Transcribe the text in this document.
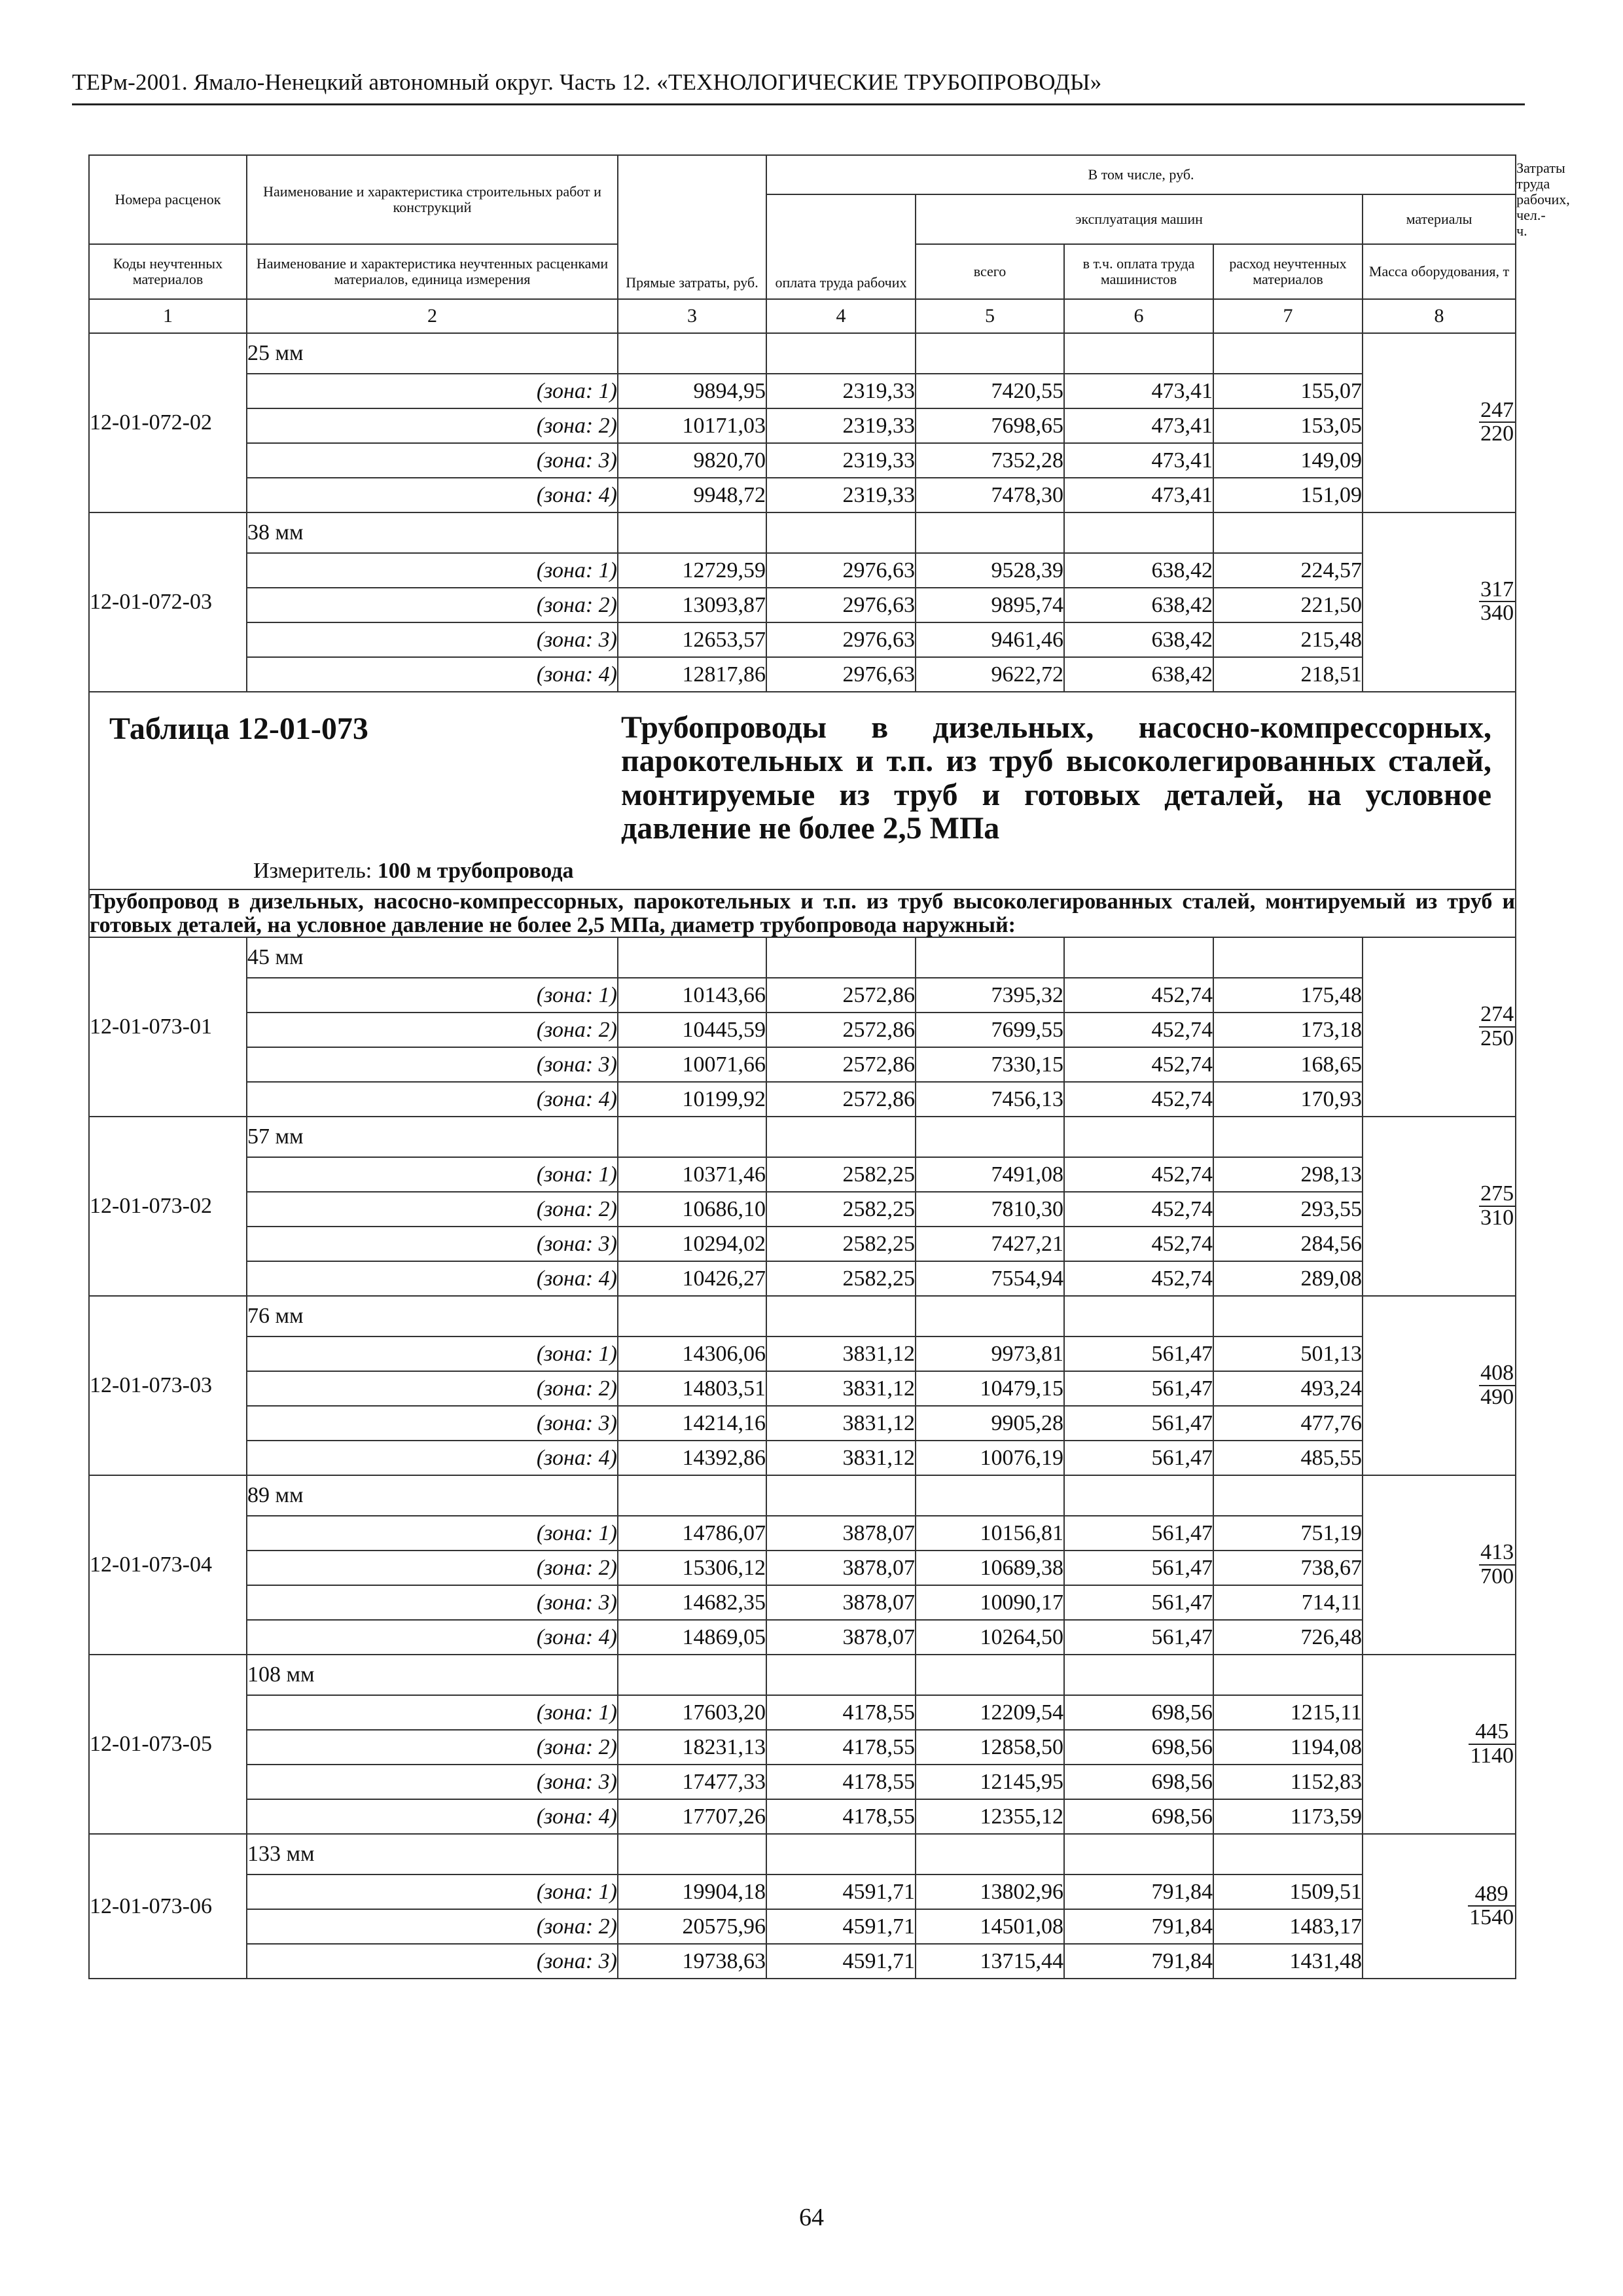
ТЕРм-2001. Ямало-Ненецкий автономный округ. Часть 12. «ТЕХНОЛОГИЧЕСКИЕ ТРУБОПРОВОДЫ»
Номера расценок	Наименование и характеристика строительных работ и конструкций	Прямые затраты, руб.	В том числе, руб.					Затраты труда рабочих, чел.-ч.
			оплата труда рабочих	эксплуатация машин			материалы	
Коды неучтенных материалов	Наименование и характеристика неучтенных расценками материалов, единица измерения			всего	в т.ч. оплата труда машинистов	расход неучтенных материалов	Масса оборудования, т	
1	2	3	4	5	6	7	8	
12-01-072-02	25 мм						$\frac{247}{220}$

	(зона: 1)	9894,95	2319,33	7420,55	473,41	155,07		
	(зона: 2)	10171,03	2319,33	7698,65	473,41	153,05		
	(зона: 3)	9820,70	2319,33	7352,28	473,41	149,09		
	(зона: 4)	9948,72	2319,33	7478,30	473,41	151,09		
12-01-072-03	38 мм						$\frac{317}{340}$

	(зона: 1)	12729,59	2976,63	9528,39	638,42	224,57		
	(зона: 2)	13093,87	2976,63	9895,74	638,42	221,50		
	(зона: 3)	12653,57	2976,63	9461,46	638,42	215,48		
	(зона: 4)	12817,86	2976,63	9622,72	638,42	218,51		

Таблица 12-01-073 Трубопроводы в дизельных, насосно-компрессорных, парокотельных и т.п. из труб высоколегированных сталей, монтируемые из труб и готовых деталей, на условное давление не более 2,5 МПа
Измеритель: 100 м трубопровода								

Трубопровод в дизельных, насосно-компрессорных, парокотельных и т.п. из труб высоколегированных сталей, монтируемый из труб и готовых деталей, на условное давление не более 2,5 МПа, диаметр трубопровода наружный:								
12-01-073-01	45 мм						$\frac{274}{250}$

	(зона: 1)	10143,66	2572,86	7395,32	452,74	175,48		
	(зона: 2)	10445,59	2572,86	7699,55	452,74	173,18		
	(зона: 3)	10071,66	2572,86	7330,15	452,74	168,65		
	(зона: 4)	10199,92	2572,86	7456,13	452,74	170,93		
12-01-073-02	57 мм						$\frac{275}{310}$

	(зона: 1)	10371,46	2582,25	7491,08	452,74	298,13		
	(зона: 2)	10686,10	2582,25	7810,30	452,74	293,55		
	(зона: 3)	10294,02	2582,25	7427,21	452,74	284,56		
	(зона: 4)	10426,27	2582,25	7554,94	452,74	289,08		
12-01-073-03	76 мм						$\frac{408}{490}$

	(зона: 1)	14306,06	3831,12	9973,81	561,47	501,13		
	(зона: 2)	14803,51	3831,12	10479,15	561,47	493,24		
	(зона: 3)	14214,16	3831,12	9905,28	561,47	477,76		
	(зона: 4)	14392,86	3831,12	10076,19	561,47	485,55		
12-01-073-04	89 мм						$\frac{413}{700}$

	(зона: 1)	14786,07	3878,07	10156,81	561,47	751,19		
	(зона: 2)	15306,12	3878,07	10689,38	561,47	738,67		
	(зона: 3)	14682,35	3878,07	10090,17	561,47	714,11		
	(зона: 4)	14869,05	3878,07	10264,50	561,47	726,48		
12-01-073-05	108 мм						$\frac{445}{1140}$

	(зона: 1)	17603,20	4178,55	12209,54	698,56	1215,11		
	(зона: 2)	18231,13	4178,55	12858,50	698,56	1194,08		
	(зона: 3)	17477,33	4178,55	12145,95	698,56	1152,83		
	(зона: 4)	17707,26	4178,55	12355,12	698,56	1173,59		
12-01-073-06	133 мм						$\frac{489}{1540}$

	(зона: 1)	19904,18	4591,71	13802,96	791,84	1509,51		
	(зона: 2)	20575,96	4591,71	14501,08	791,84	1483,17		
	(зона: 3)	19738,63	4591,71	13715,44	791,84	1431,48		
64
